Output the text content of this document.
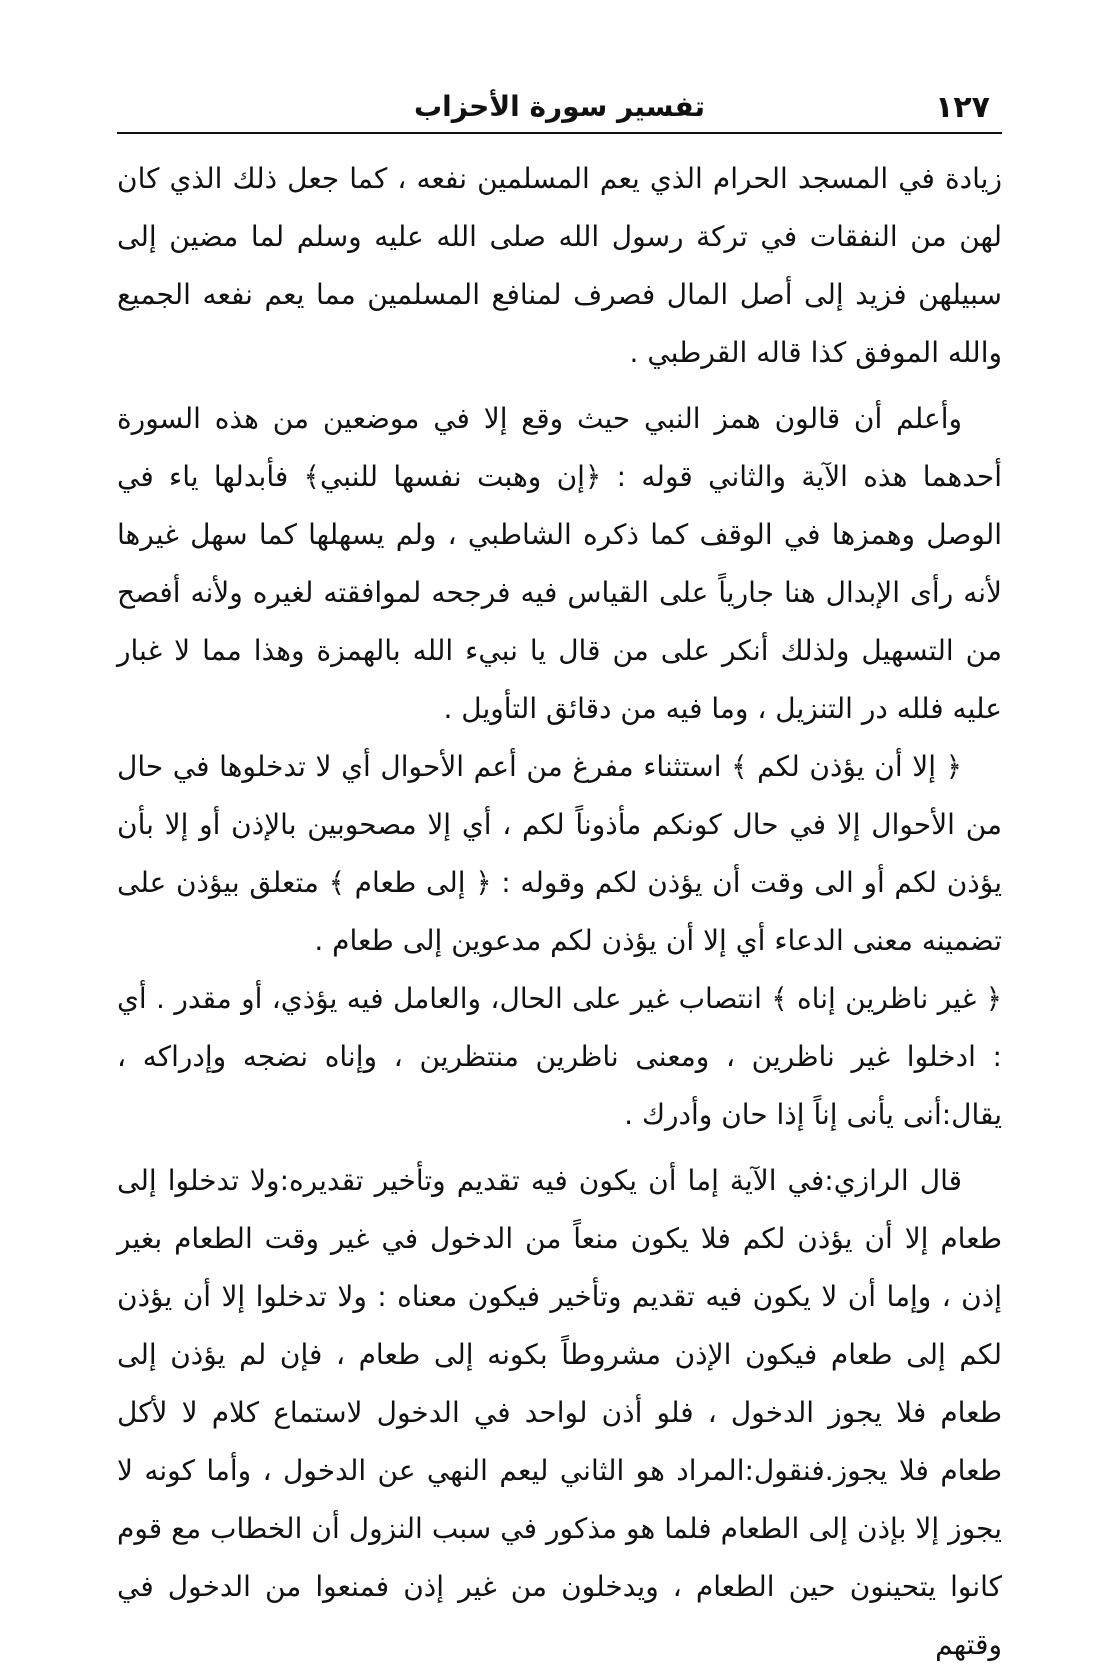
١٢٧
تفسير سورة الأحزاب

زيادة في المسجد الحرام الذي يعم المسلمين نفعه ، كما جعل ذلك الذي كان لهن من النفقات في تركة رسول الله صلى الله عليه وسلم لما مضين إلى سبيلهن فزيد إلى أصل المال فصرف لمنافع المسلمين مما يعم نفعه الجميع والله الموفق كذا قاله القرطبي .

وأعلم أن قالون همز النبي حيث وقع إلا في موضعين من هذه السورة أحدهما هذه الآية والثاني قوله : ﴿إن وهبت نفسها للنبي﴾ فأبدلها ياء في الوصل وهمزها في الوقف كما ذكره الشاطبي ، ولم يسهلها كما سهل غيرها لأنه رأى الإبدال هنا جارياً على القياس فيه فرجحه لموافقته لغيره ولأنه أفصح من التسهيل ولذلك أنكر على من قال يا نبيء الله بالهمزة وهذا مما لا غبار عليه فلله در التنزيل ، وما فيه من دقائق التأويل .

﴿ إلا أن يؤذن لكم ﴾ استثناء مفرغ من أعم الأحوال أي لا تدخلوها في حال من الأحوال إلا في حال كونكم مأذوناً لكم ، أي إلا مصحوبين بالإذن أو إلا بأن يؤذن لكم أو الى وقت أن يؤذن لكم وقوله : ﴿ إلى طعام ﴾ متعلق بيؤذن على تضمينه معنى الدعاء أي إلا أن يؤذن لكم مدعوين إلى طعام .

﴿ غير ناظرين إناه ﴾ انتصاب غير على الحال، والعامل فيه يؤذي، أو مقدر . أي : ادخلوا غير ناظرين ، ومعنى ناظرين منتظرين ، وإناه نضجه وإدراكه ، يقال:أنى يأنى إناً إذا حان وأدرك .

قال الرازي:في الآية إما أن يكون فيه تقديم وتأخير تقديره:ولا تدخلوا إلى طعام إلا أن يؤذن لكم فلا يكون منعاً من الدخول في غير وقت الطعام بغير إذن ، وإما أن لا يكون فيه تقديم وتأخير فيكون معناه : ولا تدخلوا إلا أن يؤذن لكم إلى طعام فيكون الإذن مشروطاً بكونه إلى طعام ، فإن لم يؤذن إلى طعام فلا يجوز الدخول ، فلو أذن لواحد في الدخول لاستماع كلام لا لأكل طعام فلا يجوز.فنقول:المراد هو الثاني ليعم النهي عن الدخول ، وأما كونه لا يجوز إلا بإذن إلى الطعام فلما هو مذكور في سبب النزول أن الخطاب مع قوم كانوا يتحينون حين الطعام ، ويدخلون من غير إذن فمنعوا من الدخول في وقتهم
